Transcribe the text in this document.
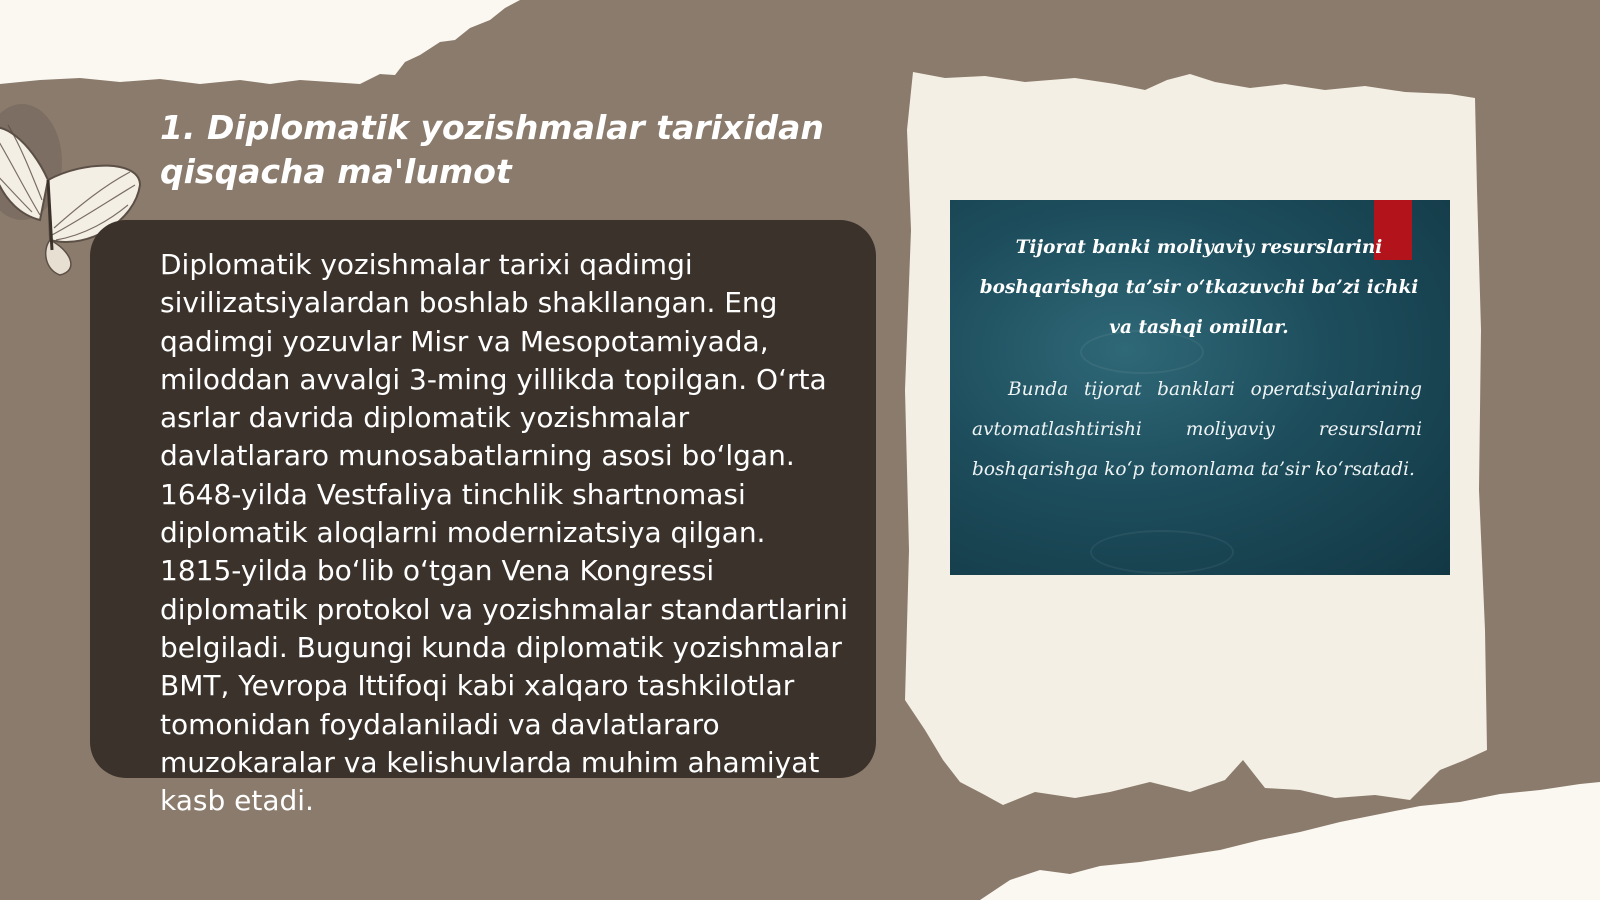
1. Diplomatik yozishmalar tarixidan qisqacha ma'lumot

Diplomatik yozishmalar tarixi qadimgi sivilizatsiyalardan boshlab shakllangan. Eng qadimgi yozuvlar Misr va Mesopotamiyada, miloddan avvalgi 3-ming yillikda topilgan. O‘rta asrlar davrida diplomatik yozishmalar davlatlararo munosabatlarning asosi bo‘lgan. 1648-yilda Vestfaliya tinchlik shartnomasi diplomatik aloqlarni modernizatsiya qilgan. 1815-yilda bo‘lib o‘tgan Vena Kongressi diplomatik protokol va yozishmalar standartlarini belgiladi. Bugungi kunda diplomatik yozishmalar BMT, Yevropa Ittifoqi kabi xalqaro tashkilotlar tomonidan foydalaniladi va davlatlararo muzokaralar va kelishuvlarda muhim ahamiyat kasb etadi.

Tijorat banki moliyaviy resurslarini boshqarishga ta’sir o‘tkazuvchi ba’zi ichki va tashqi omillar.

Bunda tijorat banklari operatsiyalarining avtomatlashtirishi moliyaviy resurslarni boshqarishga ko‘p tomonlama ta’sir ko‘rsatadi.
